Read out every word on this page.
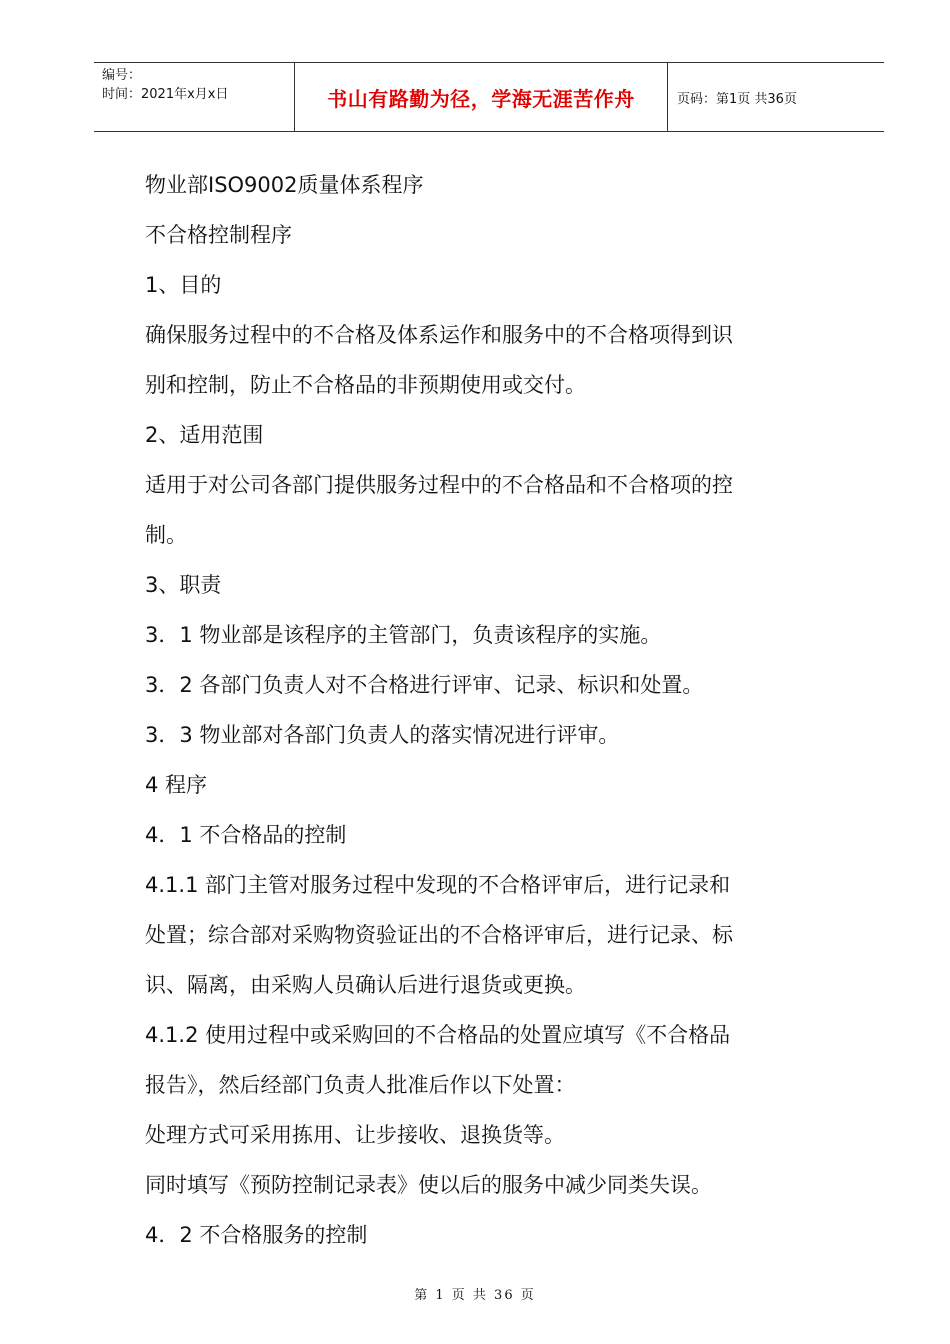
编号：
时间：2021年x月x日	书山有路勤为径，学海无涯苦作舟	页码：第1页 共36页
物业部ISO9002质量体系程序
不合格控制程序
1、目的
确保服务过程中的不合格及体系运作和服务中的不合格项得到识
别和控制，防止不合格品的非预期使用或交付。
2、适用范围
适用于对公司各部门提供服务过程中的不合格品和不合格项的控
制。
3、职责
3．1 物业部是该程序的主管部门，负责该程序的实施。
3．2 各部门负责人对不合格进行评审、记录、标识和处置。
3．3 物业部对各部门负责人的落实情况进行评审。
4 程序
4．1 不合格品的控制
4.1.1 部门主管对服务过程中发现的不合格评审后，进行记录和
处置；综合部对采购物资验证出的不合格评审后，进行记录、标
识、隔离，由采购人员确认后进行退货或更换。
4.1.2 使用过程中或采购回的不合格品的处置应填写《不合格品
报告》，然后经部门负责人批准后作以下处置：
处理方式可采用拣用、让步接收、退换货等。
同时填写《预防控制记录表》使以后的服务中减少同类失误。
4．2 不合格服务的控制
第 1 页 共 36 页
